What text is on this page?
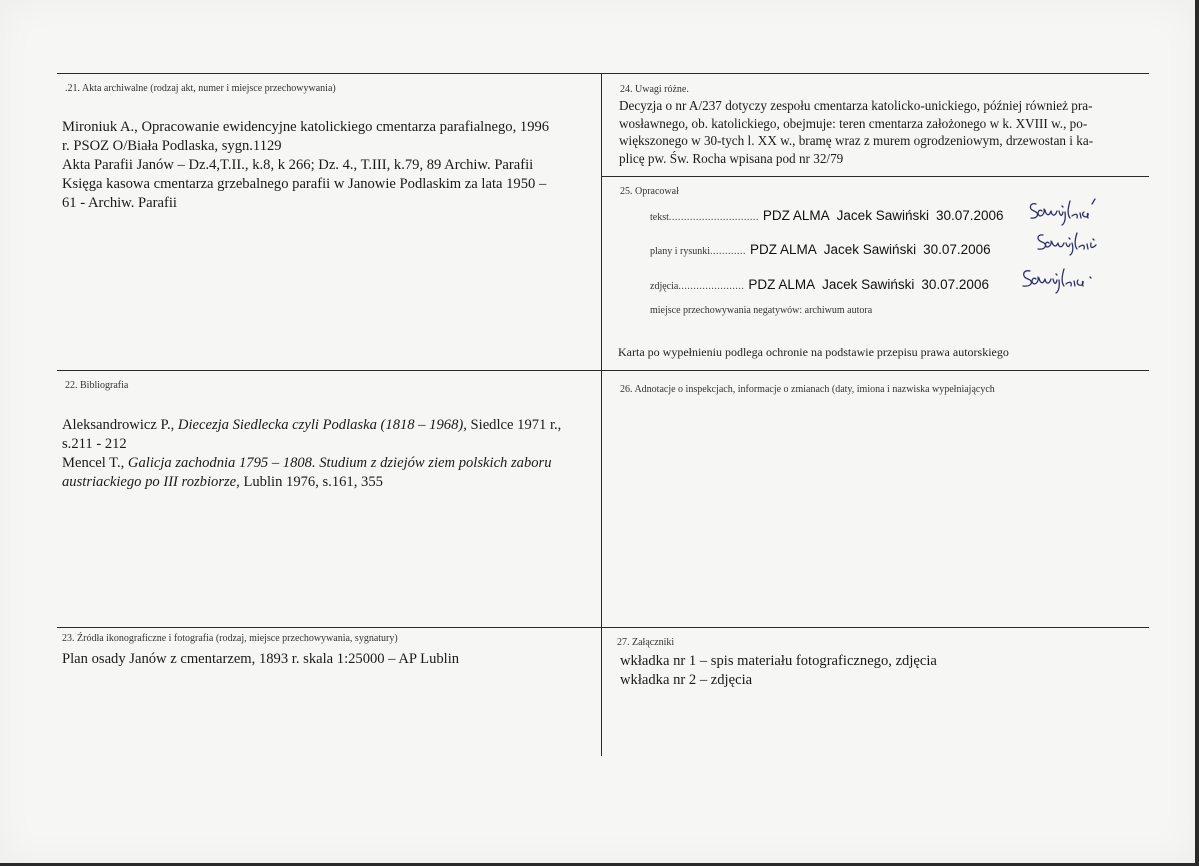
.21. Akta archiwalne (rodzaj akt, numer i miejsce przechowywania)
Mironiuk A., Opracowanie ewidencyjne katolickiego cmentarza parafialnego, 1996
r. PSOZ O/Biała Podlaska, sygn.1129
Akta Parafii Janów – Dz.4,T.II., k.8, k 266; Dz. 4., T.III, k.79, 89 Archiw. Parafii
Księga kasowa cmentarza grzebalnego parafii w Janowie Podlaskim za lata 1950 –
61 - Archiw. Parafii
24. Uwagi różne.
Decyzja o nr A/237 dotyczy zespołu cmentarza katolicko-unickiego, później również pra-
wosławnego, ob. katolickiego, obejmuje: teren cmentarza założonego w k. XVIII w., po-
większonego w 30-tych l. XX w., bramę wraz z murem ogrodzeniowym, drzewostan i ka-
plicę pw. Św. Rocha wpisana pod nr 32/79
25. Opracował
tekst.............................. PDZ ALMA Jacek Sawiński 30.07.2006
plany i rysunki............ PDZ ALMA Jacek Sawiński 30.07.2006
zdjęcia...................... PDZ ALMA Jacek Sawiński 30.07.2006
miejsce przechowywania negatywów: archiwum autora
Karta po wypełnieniu podlega ochronie na podstawie przepisu prawa autorskiego
22. Bibliografia
Aleksandrowicz P., Diecezja Siedlecka czyli Podlaska (1818 – 1968), Siedlce 1971 r.,
s.211 - 212
Mencel T., Galicja zachodnia 1795 – 1808. Studium z dziejów ziem polskich zaboru
austriackiego po III rozbiorze, Lublin 1976, s.161, 355
26. Adnotacje o inspekcjach, informacje o zmianach (daty, imiona i nazwiska wypełniających
23. Źródła ikonograficzne i fotografia (rodzaj, miejsce przechowywania, sygnatury)
Plan osady Janów z cmentarzem, 1893 r. skala 1:25000 – AP Lublin
27. Załączniki
wkładka nr 1 – spis materiału fotograficznego, zdjęcia
wkładka nr 2 – zdjęcia
